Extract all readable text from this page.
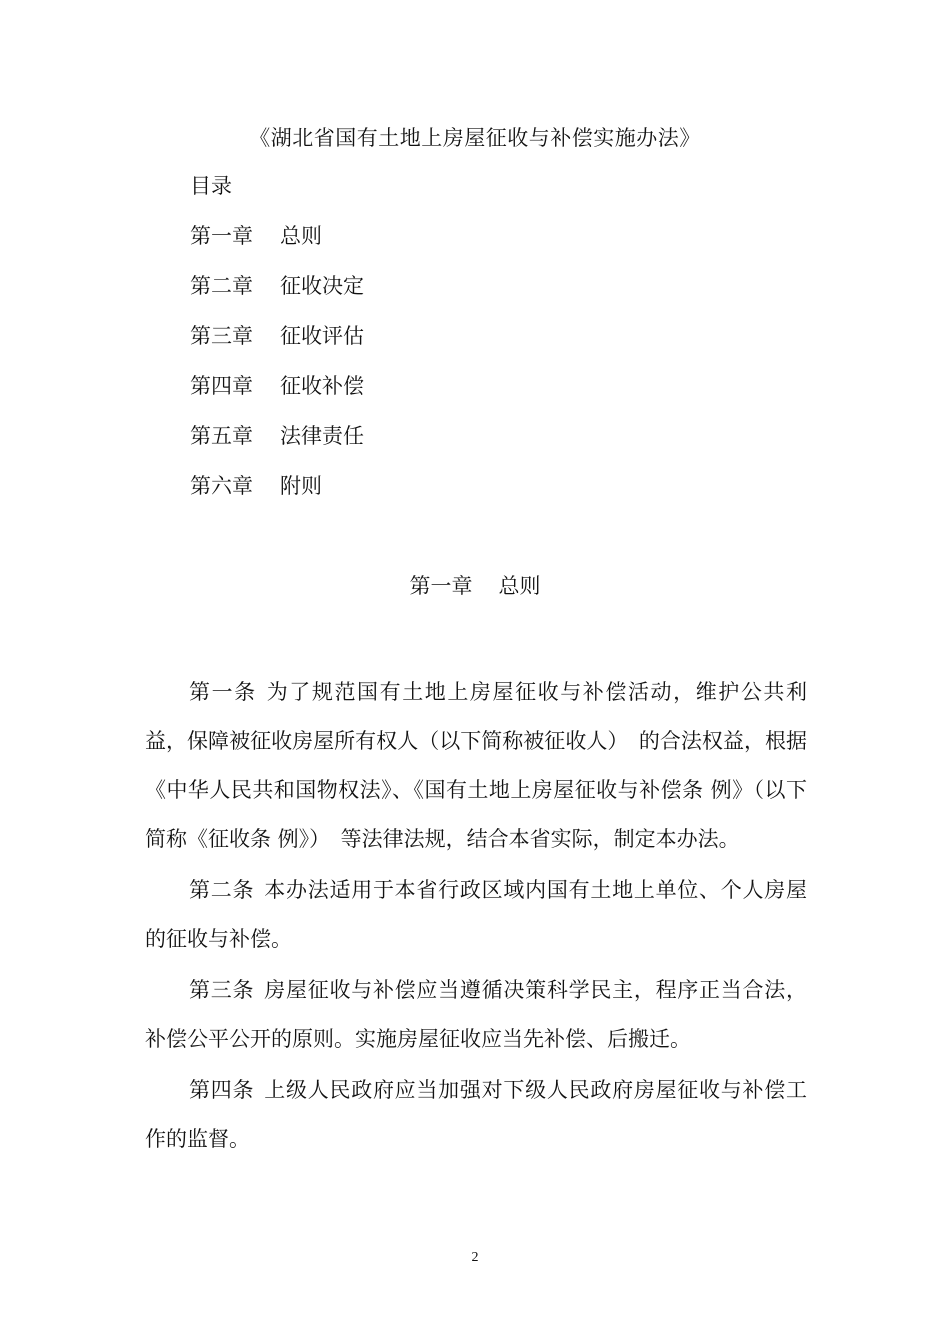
《湖北省国有土地上房屋征收与补偿实施办法》
目录
第一章 总则
第二章 征收决定
第三章 征收评估
第四章 征收补偿
第五章 法律责任
第六章 附则
第一章 总则

第一条 为了规范国有土地上房屋征收与补偿活动，维护公共利益，保障被征收房屋所有权人（以下简称被征收人）　的合法权益，根据《中华人民共和国物权法》、《国有土地上房屋征收与补偿条 例》（以下简称《征收条 例》）　等法律法规，结合本省实际，制定本办法。

第二条 本办法适用于本省行政区域内国有土地上单位、个人房屋的征收与补偿。

第三条 房屋征收与补偿应当遵循决策科学民主，程序正当合法，补偿公平公开的原则。实施房屋征收应当先补偿、后搬迁。

第四条 上级人民政府应当加强对下级人民政府房屋征收与补偿工作的监督。

2
